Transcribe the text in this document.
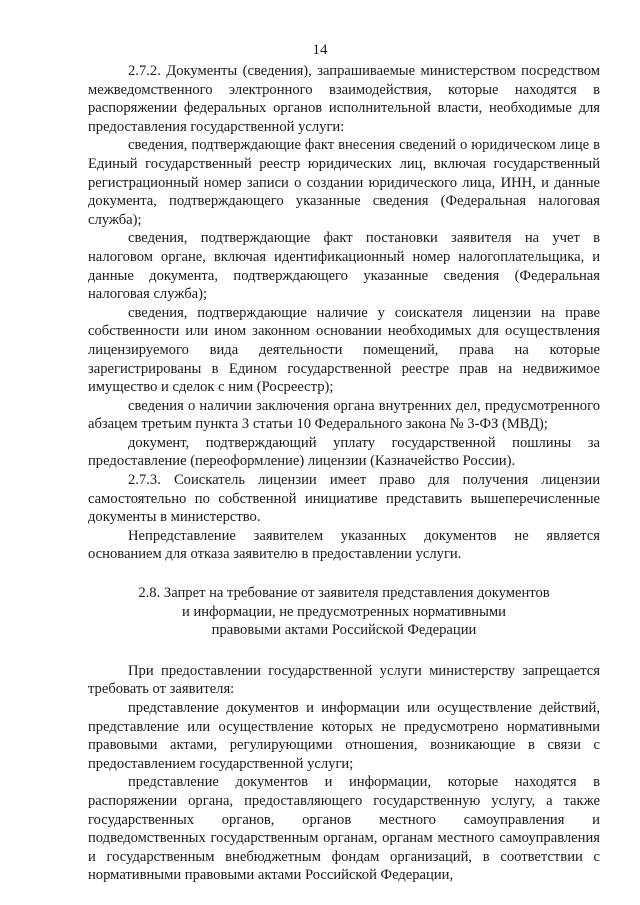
14

2.7.2. Документы (сведения), запрашиваемые министерством посредством межведомственного электронного взаимодействия, которые находятся в распоряжении федеральных органов исполнительной власти, необходимые для предоставления государственной услуги:

сведения, подтверждающие факт внесения сведений о юридическом лице в Единый государственный реестр юридических лиц, включая государственный регистрационный номер записи о создании юридического лица, ИНН, и данные документа, подтверждающего указанные сведения (Федеральная налоговая служба);

сведения, подтверждающие факт постановки заявителя на учет в налоговом органе, включая идентификационный номер налогоплательщика, и данные документа, подтверждающего указанные сведения (Федеральная налоговая служба);

сведения, подтверждающие наличие у соискателя лицензии на праве собственности или ином законном основании необходимых для осуществления лицензируемого вида деятельности помещений, права на которые зарегистрированы в Едином государственной реестре прав на недвижимое имущество и сделок с ним (Росреестр);

сведения о наличии заключения органа внутренних дел, предусмотренного абзацем третьим пункта 3 статьи 10 Федерального закона № 3-ФЗ (МВД);

документ, подтверждающий уплату государственной пошлины за предоставление (переоформление) лицензии (Казначейство России).

2.7.3. Соискатель лицензии имеет право для получения лицензии самостоятельно по собственной инициативе представить вышеперечисленные документы в министерство.

Непредставление заявителем указанных документов не является основанием для отказа заявителю в предоставлении услуги.

2.8. Запрет на требование от заявителя представления документов
и информации, не предусмотренных нормативными
правовыми актами Российской Федерации

При предоставлении государственной услуги министерству запрещается требовать от заявителя:

представление документов и информации или осуществление действий, представление или осуществление которых не предусмотрено нормативными правовыми актами, регулирующими отношения, возникающие в связи с предоставлением государственной услуги;

представление документов и информации, которые находятся в распоряжении органа, предоставляющего государственную услугу, а также государственных органов, органов местного самоуправления и подведомственных государственным органам, органам местного самоуправления и государственным внебюджетным фондам организаций, в соответствии с нормативными правовыми актами Российской Федерации,
